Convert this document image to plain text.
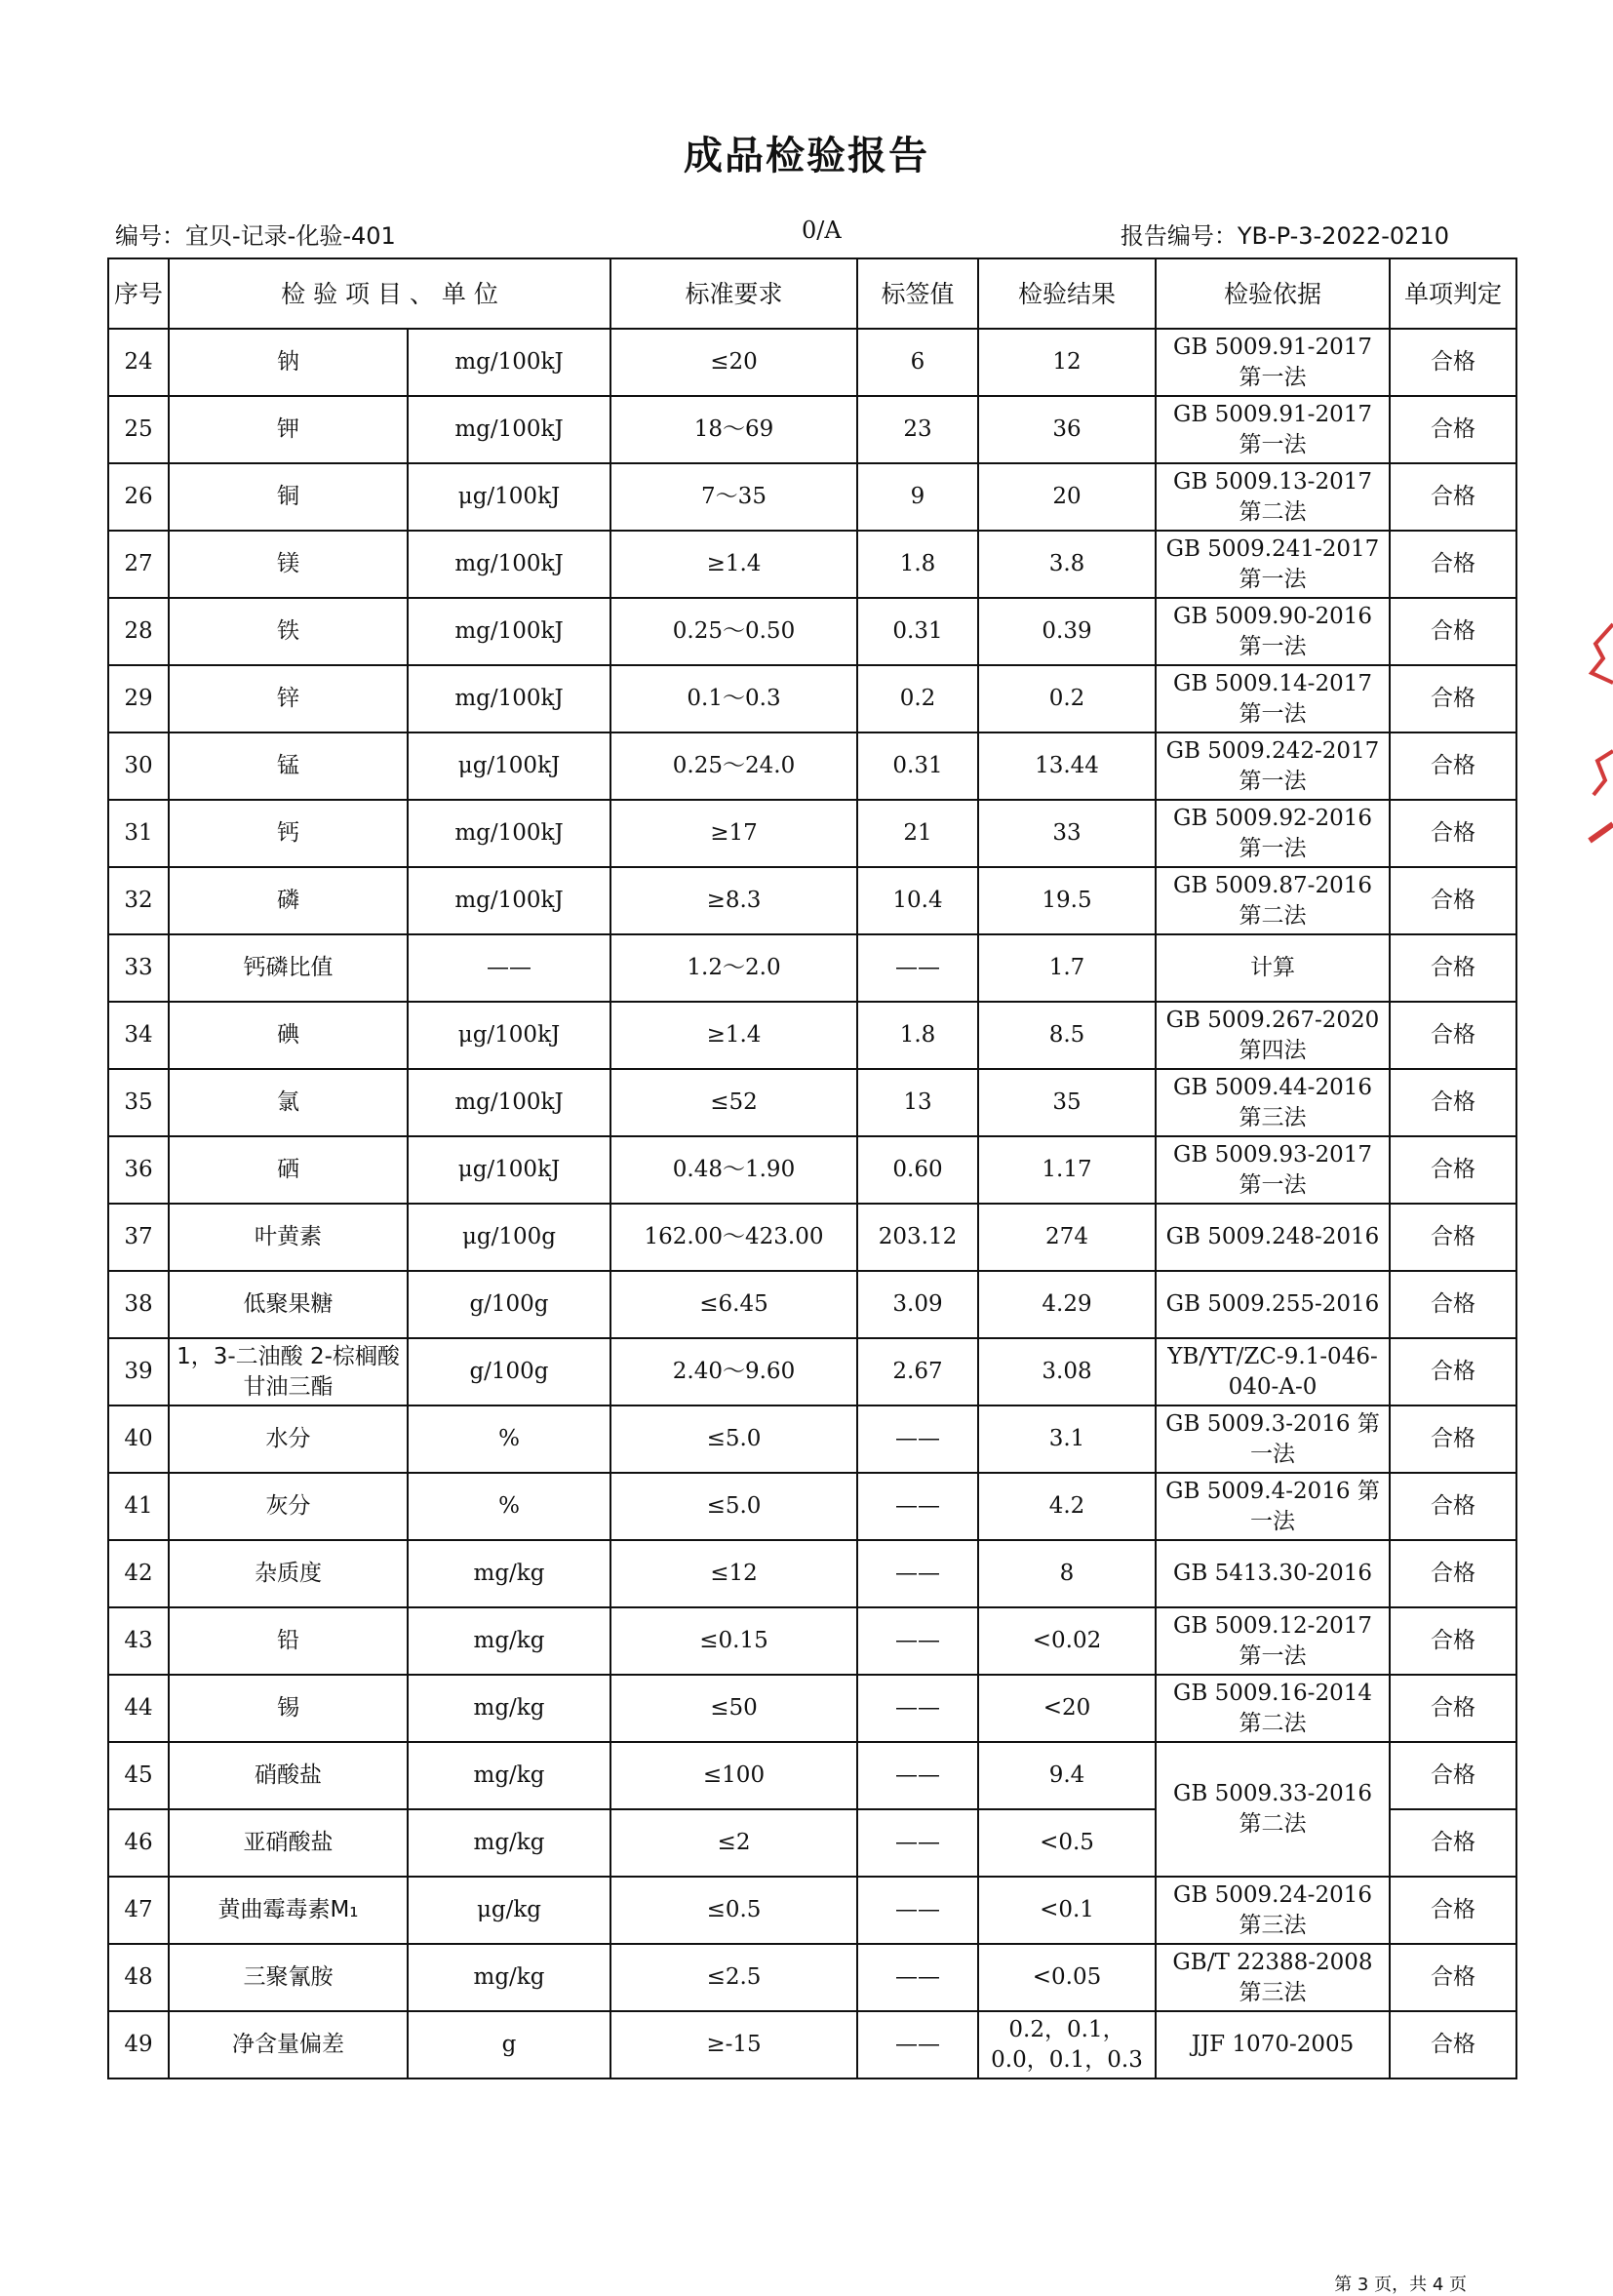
成品检验报告
编号：宜贝-记录-化验-401	0/A	报告编号：YB-P-3-2022-0210
序号	检 验 项 目 、 单 位		标准要求	标签值	检验结果	检验依据	单项判定
24	钠	mg/100kJ	≤20	6	12	GB 5009.91-2017 第一法	合格
25	钾	mg/100kJ	18～69	23	36	GB 5009.91-2017 第一法	合格
26	铜	μg/100kJ	7～35	9	20	GB 5009.13-2017 第二法	合格
27	镁	mg/100kJ	≥1.4	1.8	3.8	GB 5009.241-2017 第一法	合格
28	铁	mg/100kJ	0.25～0.50	0.31	0.39	GB 5009.90-2016 第一法	合格
29	锌	mg/100kJ	0.1～0.3	0.2	0.2	GB 5009.14-2017 第一法	合格
30	锰	μg/100kJ	0.25～24.0	0.31	13.44	GB 5009.242-2017 第一法	合格
31	钙	mg/100kJ	≥17	21	33	GB 5009.92-2016 第一法	合格
32	磷	mg/100kJ	≥8.3	10.4	19.5	GB 5009.87-2016 第二法	合格
33	钙磷比值	——	1.2～2.0	——	1.7	计算	合格
34	碘	μg/100kJ	≥1.4	1.8	8.5	GB 5009.267-2020 第四法	合格
35	氯	mg/100kJ	≤52	13	35	GB 5009.44-2016 第三法	合格
36	硒	μg/100kJ	0.48～1.90	0.60	1.17	GB 5009.93-2017 第一法	合格
37	叶黄素	μg/100g	162.00～423.00	203.12	274	GB 5009.248-2016	合格
38	低聚果糖	g/100g	≤6.45	3.09	4.29	GB 5009.255-2016	合格
39	1，3-二油酸 2-棕榈酸甘油三酯	g/100g	2.40～9.60	2.67	3.08	YB/YT/ZC-9.1-046-040-A-0	合格
40	水分	%	≤5.0	——	3.1	GB 5009.3-2016 第一法	合格
41	灰分	%	≤5.0	——	4.2	GB 5009.4-2016 第一法	合格
42	杂质度	mg/kg	≤12	——	8	GB 5413.30-2016	合格
43	铅	mg/kg	≤0.15	——	<0.02	GB 5009.12-2017 第一法	合格
44	锡	mg/kg	≤50	——	<20	GB 5009.16-2014 第二法	合格
45	硝酸盐	mg/kg	≤100	——	9.4	GB 5009.33-2016 第二法	合格
46	亚硝酸盐	mg/kg	≤2	——	<0.5		合格
47	黄曲霉毒素M₁	μg/kg	≤0.5	——	<0.1	GB 5009.24-2016 第三法	合格
48	三聚氰胺	mg/kg	≤2.5	——	<0.05	GB/T 22388-2008 第三法	合格
49	净含量偏差	g	≥-15	——	0.2，0.1，0.0，0.1，0.3	JJF 1070-2005	合格
第 3 页，共 4 页
